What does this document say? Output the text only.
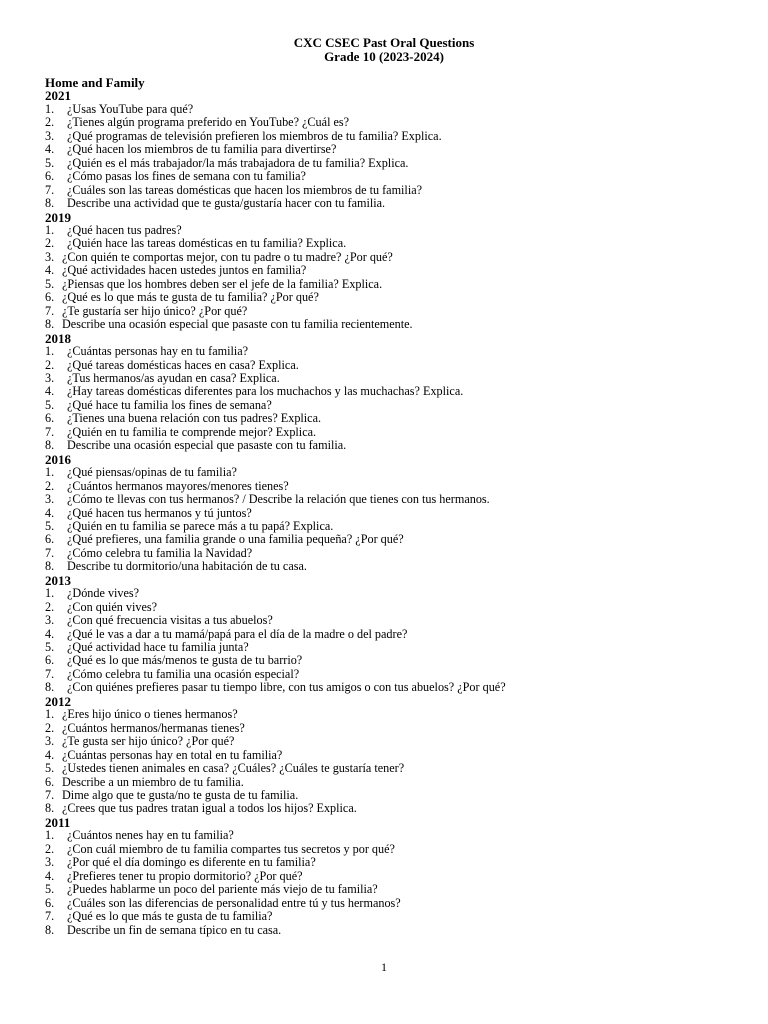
CXC CSEC Past Oral Questions
Grade 10 (2023-2024)
Home and Family
2021
1.	¿Usas YouTube para qué?
2.	¿Tienes algún programa preferido en YouTube? ¿Cuál es?
3.	¿Qué programas de televisión prefieren los miembros de tu familia? Explica.
4.	¿Qué hacen los miembros de tu familia para divertirse?
5.	¿Quién es el más trabajador/la más trabajadora de tu familia? Explica.
6.	¿Cómo pasas los fines de semana con tu familia?
7.	¿Cuáles son las tareas domésticas que hacen los miembros de tu familia?
8.	Describe una actividad que te gusta/gustaría hacer con tu familia.
2019
1.	¿Qué hacen tus padres?
2.	¿Quién hace las tareas domésticas en tu familia? Explica.
3. ¿Con quién te comportas mejor, con tu padre o tu madre? ¿Por qué?
4. ¿Qué actividades hacen ustedes juntos en familia?
5. ¿Piensas que los hombres deben ser el jefe de la familia? Explica.
6. ¿Qué es lo que más te gusta de tu familia? ¿Por qué?
7. ¿Te gustaría ser hijo único? ¿Por qué?
8. Describe una ocasión especial que pasaste con tu familia recientemente.
2018
1.	¿Cuántas personas hay en tu familia?
2.	¿Qué tareas domésticas haces en casa? Explica.
3.	¿Tus hermanos/as ayudan en casa? Explica.
4.	¿Hay tareas domésticas diferentes para los muchachos y las muchachas? Explica.
5.	¿Qué hace tu familia los fines de semana?
6.	¿Tienes una buena relación con tus padres? Explica.
7.	¿Quién en tu familia te comprende mejor? Explica.
8.	Describe una ocasión especial que pasaste con tu familia.
2016
1.	¿Qué piensas/opinas de tu familia?
2.	¿Cuántos hermanos mayores/menores tienes?
3.	¿Cómo te llevas con tus hermanos? / Describe la relación que tienes con tus hermanos.
4.	¿Qué hacen tus hermanos y tú juntos?
5.	¿Quién en tu familia se parece más a tu papá? Explica.
6.	¿Qué prefieres, una familia grande o una familia pequeña? ¿Por qué?
7.	¿Cómo celebra tu familia la Navidad?
8.	Describe tu dormitorio/una habitación de tu casa.
2013
1.	¿Dónde vives?
2.	¿Con quién vives?
3.	¿Con qué frecuencia visitas a tus abuelos?
4.	¿Qué le vas a dar a tu mamá/papá para el día de la madre o del padre?
5.	¿Qué actividad hace tu familia junta?
6.	¿Qué es lo que más/menos te gusta de tu barrio?
7.	¿Cómo celebra tu familia una ocasión especial?
8.	¿Con quiénes prefieres pasar tu tiempo libre, con tus amigos o con tus abuelos? ¿Por qué?
2012
1. ¿Eres hijo único o tienes hermanos?
2. ¿Cuántos hermanos/hermanas tienes?
3. ¿Te gusta ser hijo único? ¿Por qué?
4. ¿Cuántas personas hay en total en tu familia?
5. ¿Ustedes tienen animales en casa? ¿Cuáles? ¿Cuáles te gustaría tener?
6. Describe a un miembro de tu familia.
7. Dime algo que te gusta/no te gusta de tu familia.
8. ¿Crees que tus padres tratan igual a todos los hijos? Explica.
2011
1.	¿Cuántos nenes hay en tu familia?
2.	¿Con cuál miembro de tu familia compartes tus secretos y por qué?
3.	¿Por qué el día domingo es diferente en tu familia?
4.	¿Prefieres tener tu propio dormitorio? ¿Por qué?
5.	¿Puedes hablarme un poco del pariente más viejo de tu familia?
6.	¿Cuáles son las diferencias de personalidad entre tú y tus hermanos?
7.	¿Qué es lo que más te gusta de tu familia?
8.	Describe un fin de semana típico en tu casa.
1
